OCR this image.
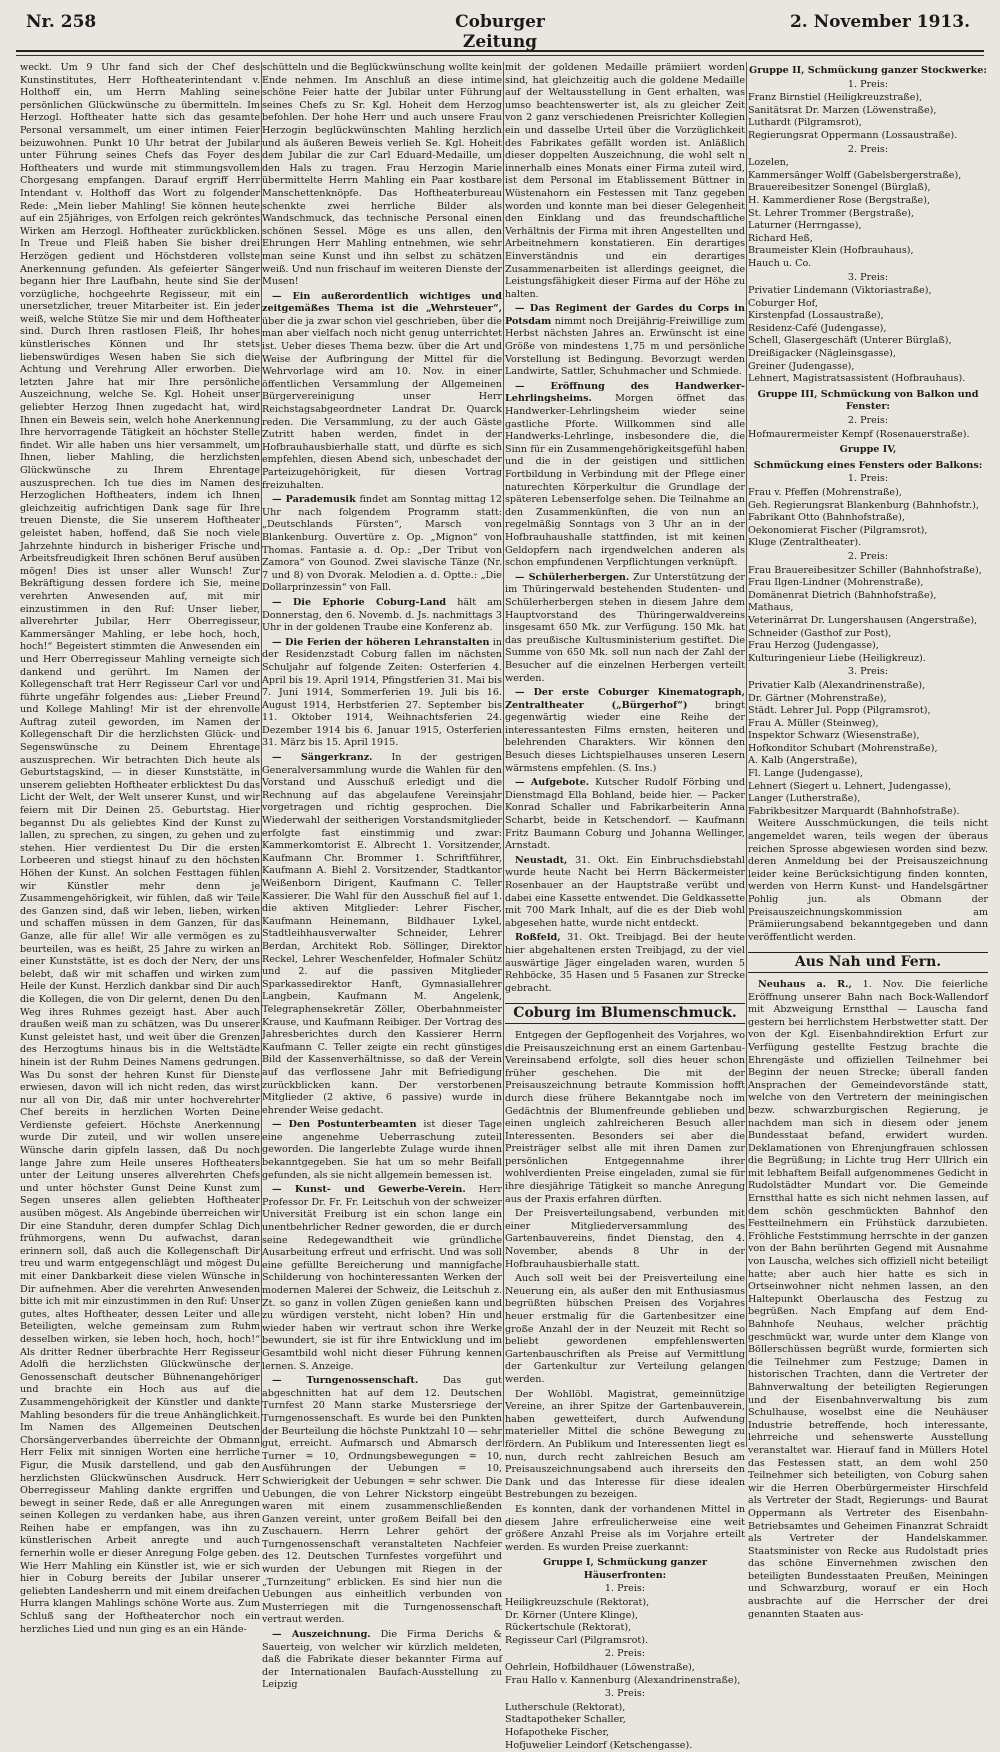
Nr. 258	Coburger Zeitung
2. November 1913.

weckt. Um 9 Uhr fand sich der Chef des Kunstinstitutes, Herr Hoftheaterintendant v. Holthoff ein, um Herrn Mahling seine persönlichen Glückwünsche zu übermitteln. Im Herzogl. Hoftheater hatte sich das gesamte Personal versammelt, um einer intimen Feier beizuwohnen. Punkt 10 Uhr betrat der Jubilar unter Führung seines Chefs das Foyer des Hoftheaters und wurde mit stimmungsvollem Chorgesang empfangen. Darauf ergriff Herr Intendant v. Holthoff das Wort zu folgender Rede: „Mein lieber Mahling! Sie können heute auf ein 25jähriges, von Erfolgen reich gekröntes Wirken am Herzogl. Hoftheater zurückblicken. In Treue und Fleiß haben Sie bisher drei Herzögen gedient und Höchstderen vollste Anerkennung gefunden. Als gefeierter Sänger begann hier Ihre Laufbahn, heute sind Sie der vorzügliche, hochgeehrte Regisseur, mit ein unersetzlicher, treuer Mitarbeiter ist. Ein jeder weiß, welche Stütze Sie mir und dem Hoftheater sind. Durch Ihren rastlosen Fleiß, Ihr hohes künstlerisches Können und Ihr stets liebenswürdiges Wesen haben Sie sich die Achtung und Verehrung Aller erworben. Die letzten Jahre hat mir Ihre persönliche Auszeichnung, welche Se. Kgl. Hoheit unser geliebter Herzog Ihnen zugedacht hat, wird Ihnen ein Beweis sein, welch hohe Anerkennung Ihre hervorragende Tätigkeit an höchster Stelle findet. Wir alle haben uns hier versammelt, um Ihnen, lieber Mahling, die herzlichsten Glückwünsche zu Ihrem Ehrentage auszusprechen. Ich tue dies im Namen des Herzoglichen Hoftheaters, indem ich Ihnen gleichzeitig aufrichtigen Dank sage für Ihre treuen Dienste, die Sie unserem Hoftheater geleistet haben, hoffend, daß Sie noch viele Jahrzehnte hindurch in bisheriger Frische und Arbeitsfreudigkeit Ihren schönen Beruf ausüben mögen! Dies ist unser aller Wunsch! Zur Bekräftigung dessen fordere ich Sie, meine verehrten Anwesenden auf, mit mir einzustimmen in den Ruf: Unser lieber, allverehrter Jubilar, Herr Oberregisseur, Kammersänger Mahling, er lebe hoch, hoch, hoch!“ Begeistert stimmten die Anwesenden ein und Herr Oberregisseur Mahling verneigte sich dankend und gerührt. Im Namen der Kollegenschaft trat Herr Regisseur Carl vor und führte ungefähr folgendes aus: „Lieber Freund und Kollege Mahling! Mir ist der ehrenvolle Auftrag zuteil geworden, im Namen der Kollegenschaft Dir die herzlichsten Glück- und Segenswünsche zu Deinem Ehrentage auszusprechen. Wir betrachten Dich heute als Geburtstagskind, — in dieser Kunststätte, in unserem geliebten Hoftheater erblicktest Du das Licht der Welt, der Welt unserer Kunst, und wir feiern mit Dir Deinen 25. Geburtstag. Hier begannst Du als geliebtes Kind der Kunst zu lallen, zu sprechen, zu singen, zu gehen und zu stehen. Hier verdientest Du Dir die ersten Lorbeeren und stiegst hinauf zu den höchsten Höhen der Kunst. An solchen Festtagen fühlen wir Künstler mehr denn je Zusammengehörigkeit, wir fühlen, daß wir Teile des Ganzen sind, daß wir leben, lieben, wirken und schaffen müssen in dem Ganzen, für das Ganze, alle für alle! Wir alle vermögen es zu beurteilen, was es heißt, 25 Jahre zu wirken an einer Kunststätte, ist es doch der Nerv, der uns belebt, daß wir mit schaffen und wirken zum Heile der Kunst. Herzlich dankbar sind Dir auch die Kollegen, die von Dir gelernt, denen Du den Weg ihres Ruhmes gezeigt hast. Aber auch draußen weiß man zu schätzen, was Du unserer Kunst geleistet hast, und weit über die Grenzen des Herzogtums hinaus bis in die Weltstädte hinein ist der Ruhm Deines Namens gedrungen. Was Du sonst der hehren Kunst für Dienste erwiesen, davon will ich nicht reden, das wirst nur all von Dir, daß mir unter hochverehrter Chef bereits in herzlichen Worten Deine Verdienste gefeiert. Höchste Anerkennung wurde Dir zuteil, und wir wollen unsere Wünsche darin gipfeln lassen, daß Du noch lange Jahre zum Heile unseres Hoftheaters unter der Leitung unseres allverehrten Chefs und unter höchster Gunst Deine Kunst zum Segen unseres allen geliebten Hoftheater ausüben mögest. Als Angebinde überreichen wir Dir eine Standuhr, deren dumpfer Schlag Dich frühmorgens, wenn Du aufwachst, daran erinnern soll, daß auch die Kollegenschaft Dir treu und warm entgegenschlägt und mögest Du mit einer Dankbarkeit diese vielen Wünsche in Dir aufnehmen. Aber die verehrten Anwesenden bitte ich mit mir einzustimmen in den Ruf: Unser gutes, altes Hoftheater, dessen Leiter und alle Beteiligten, welche gemeinsam zum Ruhm desselben wirken, sie leben hoch, hoch, hoch!“ Als dritter Redner überbrachte Herr Regisseur Adolfi die herzlichsten Glückwünsche der Genossenschaft deutscher Bühnenangehöriger und brachte ein Hoch aus auf die Zusammengehörigkeit der Künstler und dankte Mahling besonders für die treue Anhänglichkeit. Im Namen des Allgemeinen Deutschen Chorsängerverbandes überreichte der Obmann Herr Felix mit sinnigen Worten eine herrliche Figur, die Musik darstellend, und gab den herzlichsten Glückwünschen Ausdruck. Herr Oberregisseur Mahling dankte ergriffen und bewegt in seiner Rede, daß er alle Anregungen seinen Kollegen zu verdanken habe, aus ihren Reihen habe er empfangen, was ihn zu künstlerischen Arbeit anregte und auch fernerhin wolle er dieser Anregung Folge geben. Wie Herr Mahling ein Künstler ist, wie er sich hier in Coburg bereits der Jubilar unserer geliebten Landesherrn und mit einem dreifachen Hurra klangen Mahlings schöne Worte aus. Zum Schluß sang der Hoftheaterchor noch ein herzliches Lied und nun ging es an ein Hände-

schütteln und die Beglückwünschung wollte kein Ende nehmen. Im Anschluß an diese intime schöne Feier hatte der Jubilar unter Führung seines Chefs zu Sr. Kgl. Hoheit dem Herzog befohlen. Der hohe Herr und auch unsere Frau Herzogin beglückwünschten Mahling herzlich und als äußeren Beweis verlieh Se. Kgl. Hoheit dem Jubilar die zur Carl Eduard-Medaille, um den Hals zu tragen. Frau Herzogin Marie übermittelte Herrn Mahling ein Paar kostbare Manschettenknöpfe. Das Hoftheaterbureau schenkte zwei herrliche Bilder als Wandschmuck, das technische Personal einen schönen Sessel. Möge es uns allen, den Ehrungen Herr Mahling entnehmen, wie sehr man seine Kunst und ihn selbst zu schätzen weiß. Und nun frischauf im weiteren Dienste der Musen!

— Ein außerordentlich wichtiges und zeitgemäßes Thema ist die „Wehrsteuer“, über die ja zwar schon viel geschrieben, über die man aber vielfach noch nicht genug unterrichtet ist. Ueber dieses Thema bezw. über die Art und Weise der Aufbringung der Mittel für die Wehrvorlage wird am 10. Nov. in einer öffentlichen Versammlung der Allgemeinen Bürgervereinigung unser Herr Reichstagsabgeordneter Landrat Dr. Quarck reden. Die Versammlung, zu der auch Gäste Zutritt haben werden, findet in der Hofbrauhausbierhalle statt, und dürfte es sich empfehlen, diesen Abend sich, unbeschadet der Parteizugehörigkeit, für diesen Vortrag freizuhalten.

— Parademusik findet am Sonntag mittag 12 Uhr nach folgendem Programm statt: „Deutschlands Fürsten“, Marsch von Blankenburg. Ouvertüre z. Op. „Mignon“ von Thomas. Fantasie a. d. Op.: „Der Tribut von Zamora“ von Gounod. Zwei slavische Tänze (Nr. 7 und 8) von Dvorak. Melodien a. d. Optte.: „Die Dollarprinzessin“ von Fall.

— Die Ephorie Coburg-Land hält am Donnerstag, den 6. Novemb. d. Js. nachmittags 3 Uhr in der goldenen Traube eine Konferenz ab.

— Die Ferien der höheren Lehranstalten in der Residenzstadt Coburg fallen im nächsten Schuljahr auf folgende Zeiten: Osterferien 4. April bis 19. April 1914, Pfingstferien 31. Mai bis 7. Juni 1914, Sommerferien 19. Juli bis 16. August 1914, Herbstferien 27. September bis 11. Oktober 1914, Weihnachtsferien 24. Dezember 1914 bis 6. Januar 1915, Osterferien 31. März bis 15. April 1915.

— Sängerkranz. In der gestrigen Generalversammlung wurde die Wahlen für den Vorstand und Ausschuß erledigt und die Rechnung auf das abgelaufene Vereinsjahr vorgetragen und richtig gesprochen. Die Wiederwahl der seitherigen Vorstandsmitglieder erfolgte fast einstimmig und zwar: Kammerkomtorist E. Albrecht 1. Vorsitzender, Kaufmann Chr. Brommer 1. Schriftführer, Kaufmann A. Biehl 2. Vorsitzender, Stadtkantor Weißenborn Dirigent, Kaufmann C. Teller Kassierer. Die Wahl für den Ausschuß fiel auf 1. die aktiven Mitglieder: Lehrer Fischer, Kaufmann Heinemann, Bildhauer Lykel, Stadtleihhausverwalter Schneider, Lehrer Berdan, Architekt Rob. Söllinger, Direktor Reckel, Lehrer Weschenfelder, Hofmaler Schütz und 2. auf die passiven Mitglieder Sparkassedirektor Hanft, Gymnasiallehrer Langbein, Kaufmann M. Angelenk, Telegraphensekretär Zöller, Oberbahnmeister Krause, und Kaufmann Reibiger. Der Vortrag des Jahresberichtes durch den Kassierer Herrn Kaufmann C. Teller zeigte ein recht günstiges Bild der Kassenverhältnisse, so daß der Verein auf das verflossene Jahr mit Befriedigung zurückblicken kann. Der verstorbenen Mitglieder (2 aktive, 6 passive) wurde in ehrender Weise gedacht.

— Den Postunterbeamten ist dieser Tage eine angenehme Ueberraschung zuteil geworden. Die langerlebte Zulage wurde ihnen bekanntgegeben. Sie hat um so mehr Beifall gefunden, als sie nicht allgemein bemessen ist.

— Kunst- und Gewerbe-Verein. Herr Professor Dr. Fr. Fr. Leitschuh von der schweizer Universität Freiburg ist ein schon lange ein unentbehrlicher Redner geworden, die er durch seine Redegewandtheit wie gründliche Ausarbeitung erfreut und erfrischt. Und was soll eine gefüllte Bereicherung und mannigfache Schilderung von hochinteressanten Werken der modernen Malerei der Schweiz, die Leitschuh z. Zt. so ganz in vollen Zügen genießen kann und zu würdigen versteht, nicht loben? Hin und wieder haben wir vertraut schon ihre Werke bewundert, sie ist für ihre Entwicklung und im Gesamtbild wohl nicht dieser Führung kennen lernen. S. Anzeige.

— Turngenossenschaft.	Das gut abgeschnitten hat auf dem 12. Deutschen Turnfest 20 Mann starke Mustersriege der Turngenossenschaft. Es wurde bei den Punkten der Beurteilung die höchste Punktzahl 10 — sehr gut, erreicht. Aufmarsch und Abmarsch der Turner = 10, Ordnungsbewegungen = 10, Ausführungen der Uebungen = 10, Schwierigkeit der Uebungen = sehr schwer. Die Uebungen, die von Lehrer Nickstorp eingeübt waren mit einem zusammenschließenden Ganzen vereint, unter großem Beifall bei den Zuschauern. Herrn Lehrer gehört der Turngenossenschaft veranstalteten Nachfeier des 12. Deutschen Turnfestes vorgeführt und wurden der Uebungen mit Riegen in der „Turnzeitung“ erblicken. Es sind hier nun die Uebungen aus einheitlich verbunden von Musterriegen mit die Turngenossenschaft vertraut werden.

— Auszeichnung. Die Firma Derichs & Sauerteig, von welcher wir kürzlich meldeten, daß die Fabrikate dieser bekannter Firma auf der Internationalen Baufach-Ausstellung zu Leipzig

mit der goldenen Medaille prämiiert worden sind, hat gleichzeitig auch die goldene Medaille auf der Weltausstellung in Gent erhalten, was umso beachtenswerter ist, als zu gleicher Zeit von 2 ganz verschiedenen Preisrichter Kollegien ein und dasselbe Urteil über die Vorzüglichkeit des Fabrikates gefällt worden ist. Anläßlich dieser doppelten Auszeichnung, die wohl selt n innerhalb eines Monats einer Firma zuteil wird, ist dem Personal im Etablissement Büttner in Wüstenahorn ein Festessen mit Tanz gegeben worden und konnte man bei dieser Gelegenheit den Einklang und das freundschaftliche Verhältnis der Firma mit ihren Angestellten und Arbeitnehmern konstatieren. Ein derartiges Einverständnis und ein derartiges Zusammenarbeiten ist allerdings geeignet, die Leistungsfähigkeit dieser Firma auf der Höhe zu halten.

— Das Regiment der Gardes du Corps in Potsdam nimmt noch Dreijährig-Freiwillige zum Herbst nächsten Jahres an. Erwünscht ist eine Größe von mindestens 1,75 m und persönliche Vorstellung ist Bedingung. Bevorzugt werden Landwirte, Sattler, Schuhmacher und Schmiede.

— Eröffnung des Handwerker-Lehrlingsheims. Morgen öffnet das Handwerker-Lehrlingsheim wieder seine gastliche Pforte. Willkommen sind alle Handwerks-Lehrlinge, insbesondere die, die Sinn für ein Zusammengehörigkeitsgefühl haben und die in der geistigen und sittlichen Fortbildung in Verbindung mit der Pflege einer naturechten Körperkultur die Grundlage der späteren Lebenserfolge sehen. Die Teilnahme an den Zusammenkünften, die von nun an regelmäßig Sonntags von 3 Uhr an in der Hofbrauhaushalle stattfinden, ist mit keinen Geldopfern nach irgendwelchen anderen als schon empfundenen Verpflichtungen verknüpft.

— Schülerherbergen. Zur Unterstützung der im Thüringerwald bestehenden Studenten- und Schülerherbergen stehen in diesem Jahre dem Hauptvorstand des Thüringerwaldvereins insgesamt 650 Mk. zur Verfügung. 150 Mk. hat das preußische Kultusministerium gestiftet. Die Summe von 650 Mk. soll nun nach der Zahl der Besucher auf die einzelnen Herbergen verteilt werden.

— Der erste Coburger Kinematograph, Zentraltheater („Bürgerhof“)	bringt gegenwärtig wieder eine Reihe der interessantesten Films ernsten, heiteren und belehrenden Charakters. Wir können den Besuch dieses Lichtspielhauses unseren Lesern wärmstens empfehlen. (S. Ins.)

— Aufgebote. Kutscher Rudolf Förbing und Dienstmagd Ella Bohland, beide hier. — Packer Konrad Schaller und Fabrikarbeiterin Anna Scharbt, beide in Ketschendorf. — Kaufmann Fritz Baumann Coburg und Johanna Wellinger, Arnstadt.

Neustadt, 31. Okt. Ein Einbruchsdiebstahl wurde heute Nacht bei Herrn Bäckermeister Rosenbauer an der Hauptstraße verübt und dabei eine Kassette entwendet. Die Geldkassette mit 700 Mark Inhalt, auf die es der Dieb wohl abgesehen hatte, wurde nicht entdeckt.

Roßfeld, 31. Okt. Treibjagd. Bei der heute hier abgehaltenen ersten Treibjagd, zu der viel auswärtige Jäger eingeladen waren, wurden 5 Rehböcke, 35 Hasen und 5 Fasanen zur Strecke gebracht.

Coburg im Blumenschmuck.

Entgegen der Gepflogenheit des Vorjahres, wo die Preisauszeichnung erst an einem Gartenbau-Vereinsabend erfolgte, soll dies heuer schon früher geschehen. Die mit der Preisauszeichnung betraute Kommission hofft durch diese frühere Bekanntgabe noch im Gedächtnis der Blumenfreunde geblieben und einen ungleich zahlreicheren Besuch aller Interessenten. Besonders sei aber die Preisträger selbst alle mit ihren Damen zur persönlichen Entgegennahme ihrer wohlverdienten Preise eingeladen, zumal sie für ihre diesjährige Tätigkeit so manche Anregung aus der Praxis erfahren dürften.

Der Preisverteilungsabend, verbunden mit einer Mitgliederversammlung des Gartenbauvereins, findet Dienstag, den 4. November, abends 8 Uhr in der Hofbrauhausbierhalle statt.

Auch soll weit bei der Preisverteilung eine Neuerung ein, als außer den mit Enthusiasmus begrüßten hübschen Preisen des Vorjahres heuer erstmalig für die Gartenbesitzer eine große Anzahl der in der Neuzeit mit Recht so beliebt gewordenen empfehlenswerten Gartenbauschriften als Preise auf Vermittlung der Gartenkultur zur Verteilung gelangen werden.

Der Wohllöbl. Magistrat, gemeinnützige Vereine, an ihrer Spitze der Gartenbauverein, haben gewetteifert, durch Aufwendung materieller Mittel die schöne Bewegung zu fördern. An Publikum und Interessenten liegt es nun, durch recht zahlreichen Besuch am Preisauszeichnungsabend auch ihrerseits den Dank und das Interesse für diese idealen Bestrebungen zu bezeigen.

Es konnten, dank der vorhandenen Mittel in diesem Jahre erfreulicherweise eine weit größere Anzahl Preise als im Vorjahre erteilt werden. Es wurden Preise zuerkannt:

Gruppe I, Schmückung ganzer Häuserfronten:
1. Preis:
Heiligkreuzschule (Rektorat),
Dr. Körner (Untere Klinge),
Rückertschule (Rektorat),
Regisseur Carl (Pilgramsrot).
2. Preis:
Oehrlein, Hofbildhauer (Löwenstraße),
Frau Hallo v. Kannenburg (Alexandrinenstraße),
3. Preis:
Lutherschule (Rektorat),
Stadtapotheker Schaller,
Hofapotheke Fischer,
Hofjuwelier Leindorf (Ketschengasse).
Gruppe II, Schmückung ganzer Stockwerke:
1. Preis:
Franz Birnstiel (Heiligkreuzstraße),
Sanitätsrat Dr. Marzen (Löwenstraße),
Luthardt (Pilgramsrot),
Regierungsrat Oppermann (Lossaustraße).
2. Preis:
Lozelen,
Kammersänger Wolff (Gabelsbergerstraße),
Brauereibesitzer Sonengel (Bürglaß),
H. Kammerdiener Rose (Bergstraße),
St. Lehrer Trommer (Bergstraße),
Laturner (Herrngasse),
Richard Heß,
Braumeister Klein (Hofbrauhaus),
Hauch u. Co.
3. Preis:
Privatier Lindemann (Viktoriastraße),
Coburger Hof,
Kirstenpfad (Lossaustraße),
Residenz-Café (Judengasse),
Schell, Glasergeschäft (Unterer Bürglaß),
Dreißigacker (Nägleinsgasse),
Greiner (Judengasse),
Lehnert, Magistratsassistent (Hofbrauhaus).
Gruppe III, Schmückung von Balkon und Fenster:
2. Preis:
Hofmaurermeister Kempf (Rosenauerstraße).
Gruppe IV,
Schmückung eines Fensters oder Balkons:
1. Preis:
Frau v. Pfeffen (Mohrenstraße),
Geh. Regierungsrat Blankenburg (Bahnhofstr.),
Fabrikant Otto (Bahnhofstraße),
Oekonomierat Fischer (Pilgramsrot),
Kluge (Zentraltheater).
2. Preis:
Frau Brauereibesitzer Schiller (Bahnhofstraße),
Frau Ilgen-Lindner (Mohrenstraße),
Domänenrat Dietrich (Bahnhofstraße),
Mathaus,
Veterinärrat Dr. Lungershausen (Angerstraße),
Schneider (Gasthof zur Post),
Frau Herzog (Judengasse),
Kulturingenieur Liebe (Heiligkreuz).
3. Preis:
Privatier Kalb (Alexandrinenstraße),
Dr. Gärtner (Mohrenstraße),
Städt. Lehrer Jul. Popp (Pilgramsrot),
Frau A. Müller (Steinweg),
Inspektor Schwarz (Wiesenstraße),
Hofkonditor Schubart (Mohrenstraße),
A. Kalb (Angerstraße),
Fl. Lange (Judengasse),
Lehnert (Siegert u. Lehnert, Judengasse),
Langer (Lutherstraße),
Fabrikbesitzer Marquardt (Bahnhofstraße).

Weitere Ausschmückungen, die teils nicht angemeldet waren, teils wegen der überaus reichen Sprosse abgewiesen worden sind bezw. deren Anmeldung bei der Preisauszeichnung leider keine Berücksichtigung finden konnten, werden von Herrn Kunst- und Handelsgärtner Pohlig jun. als Obmann der Preisauszeichnungskommission am Prämiierungsabend bekanntgegeben und dann veröffentlicht werden.

Aus Nah und Fern.

Neuhaus a. R., 1. Nov. Die feierliche Eröffnung unserer Bahn nach Bock-Wallendorf mit Abzweigung Ernstthal — Lauscha fand gestern bei herrlichstem Herbstwetter statt. Der von der Kgl. Eisenbahndirektion Erfurt zur Verfügung gestellte Festzug brachte die Ehrengäste und offiziellen Teilnehmer bei Beginn der neuen Strecke; überall fanden Ansprachen der Gemeindevorstände statt, welche von den Vertretern der meiningischen bezw. schwarzburgischen Regierung, je nachdem man sich in diesem oder jenem Bundesstaat befand, erwidert wurden. Deklamationen von Ehrenjungfrauen schlossen die Begrüßung; in Lichte trug Herr Ullrich ein mit lebhaftem Beifall aufgenommenes Gedicht in Rudolstädter Mundart vor. Die Gemeinde Ernstthal hatte es sich nicht nehmen lassen, auf dem schön geschmückten Bahnhof den Festteilnehmern ein Frühstück darzubieten. Fröhliche Feststimmung herrschte in der ganzen von der Bahn berührten Gegend mit Ausnahme von Lauscha, welches sich offiziell nicht beteiligt hatte; aber auch hier hatte es sich in Ortseinwohner nicht nehmen lassen, an den Haltepunkt Oberlauscha des Festzug zu begrüßen. Nach Empfang auf dem End-Bahnhofe Neuhaus, welcher prächtig geschmückt war, wurde unter dem Klange von Böllerschüssen begrüßt wurde, formierten sich die Teilnehmer zum Festzuge; Damen in historischen Trachten, dann die Vertreter der Bahnverwaltung der beteiligten Regierungen und der Eisenbahnverwaltung bis zum Schulhause, woselbst eine die Neuhäuser Industrie betreffende, hoch interessante, lehrreiche und sehenswerte Ausstellung veranstaltet war. Hierauf fand in Müllers Hotel das Festessen statt, an dem wohl 250 Teilnehmer sich beteiligten, von Coburg sahen wir die Herren Oberbürgermeister Hirschfeld als Vertreter der Stadt, Regierungs- und Baurat Oppermann als Vertreter des Eisenbahn-Betriebsamtes und Geheimen Finanzrat Schraidt als Vertreter der Handelskammer. Staatsminister von Recke aus Rudolstadt pries das schöne Einvernehmen zwischen den beteiligten Bundesstaaten Preußen, Meiningen und Schwarzburg, worauf er ein Hoch ausbrachte auf die Herrscher der drei genannten Staaten aus-
